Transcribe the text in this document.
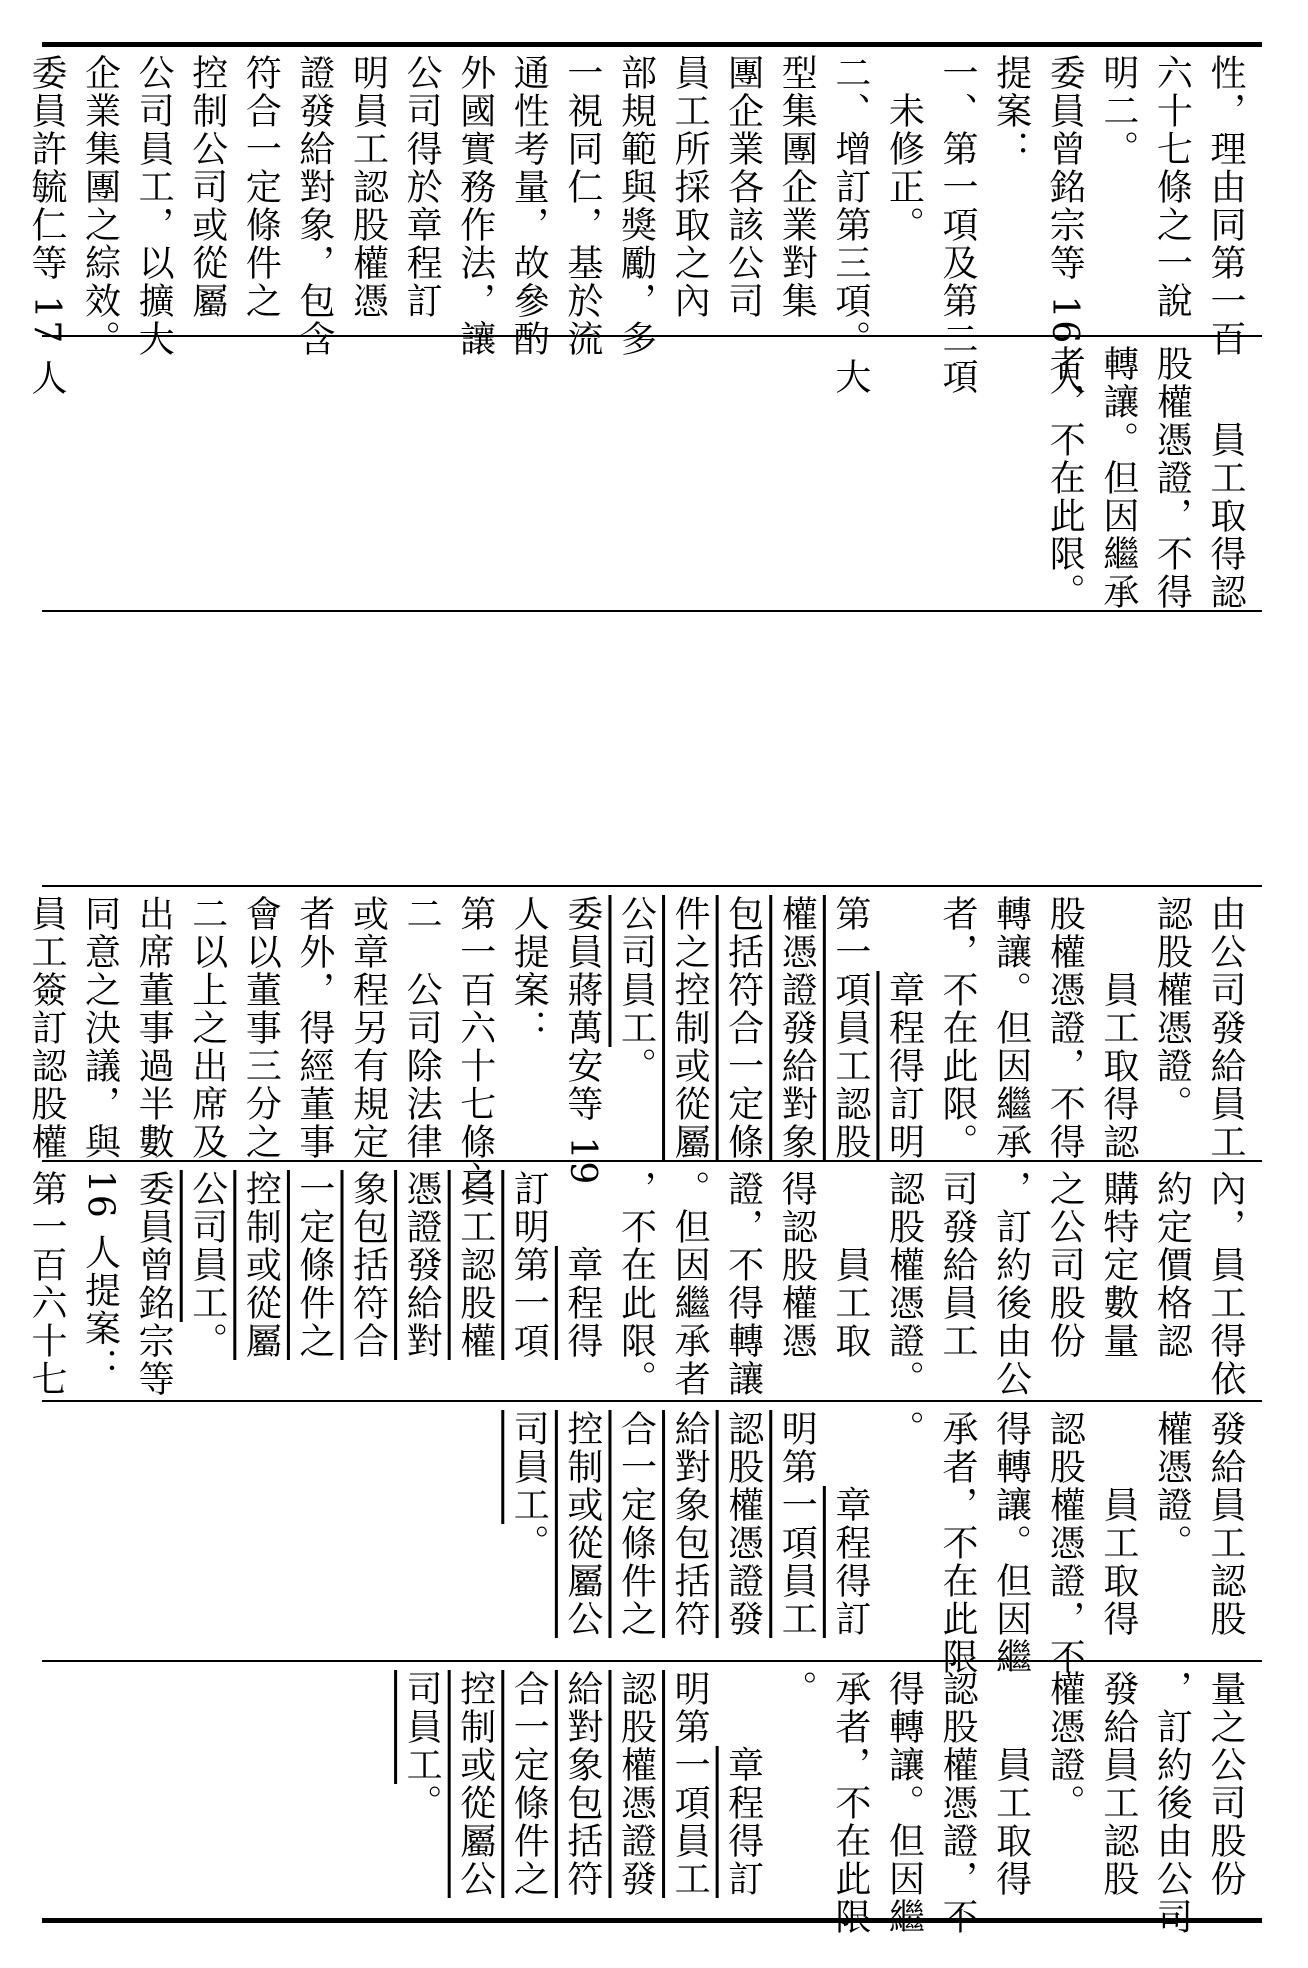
性，理由同第一百
六十七條之一說
明二。
委員曾銘宗等 16 人
提案：
一、第一項及第二項
　未修正。
二、增訂第三項。大
型集團企業對集
團企業各該公司
員工所採取之內
部規範與獎勵，多
一視同仁，基於流
通性考量，故參酌
外國實務作法，讓
公司得於章程訂
明員工認股權憑
證發給對象，包含
符合一定條件之
控制公司或從屬
公司員工，以擴大
企業集團之綜效。
委員許毓仁等 17 人
　　員工取得認
股權憑證，不得
轉讓。但因繼承
者，不在此限。
由公司發給員工
認股權憑證。
　　員工取得認
股權憑證，不得
轉讓。但因繼承
者，不在此限。
　　章程得訂明
第一項員工認股
權憑證發給對象
包括符合一定條
件之控制或從屬
公司員工。
委員蔣萬安等 19
人提案：
第一百六十七條之
二　公司除法律
或章程另有規定
者外，得經董事
會以董事三分之
二以上之出席及
出席董事過半數
同意之決議，與
員工簽訂認股權
內，員工得依
約定價格認
購特定數量
之公司股份
，訂約後由公
司發給員工
認股權憑證。
　　員工取
得認股權憑
證，不得轉讓
。但因繼承者
，不在此限。
　　章程得
訂明第一項
員工認股權
憑證發給對
象包括符合
一定條件之
控制或從屬
公司員工。
委員曾銘宗等
16 人提案：
第一百六十七
發給員工認股
權憑證。
　　員工取得
認股權憑證，不
得轉讓。但因繼
承者，不在此限
。
　　章程得訂
明第一項員工
認股權憑證發
給對象包括符
合一定條件之
控制或從屬公
司員工。
量之公司股份
，訂約後由公司
發給員工認股
權憑證。
　　員工取得
認股權憑證，不
得轉讓。但因繼
承者，不在此限
。
　　章程得訂
明第一項員工
認股權憑證發
給對象包括符
合一定條件之
控制或從屬公
司員工。
